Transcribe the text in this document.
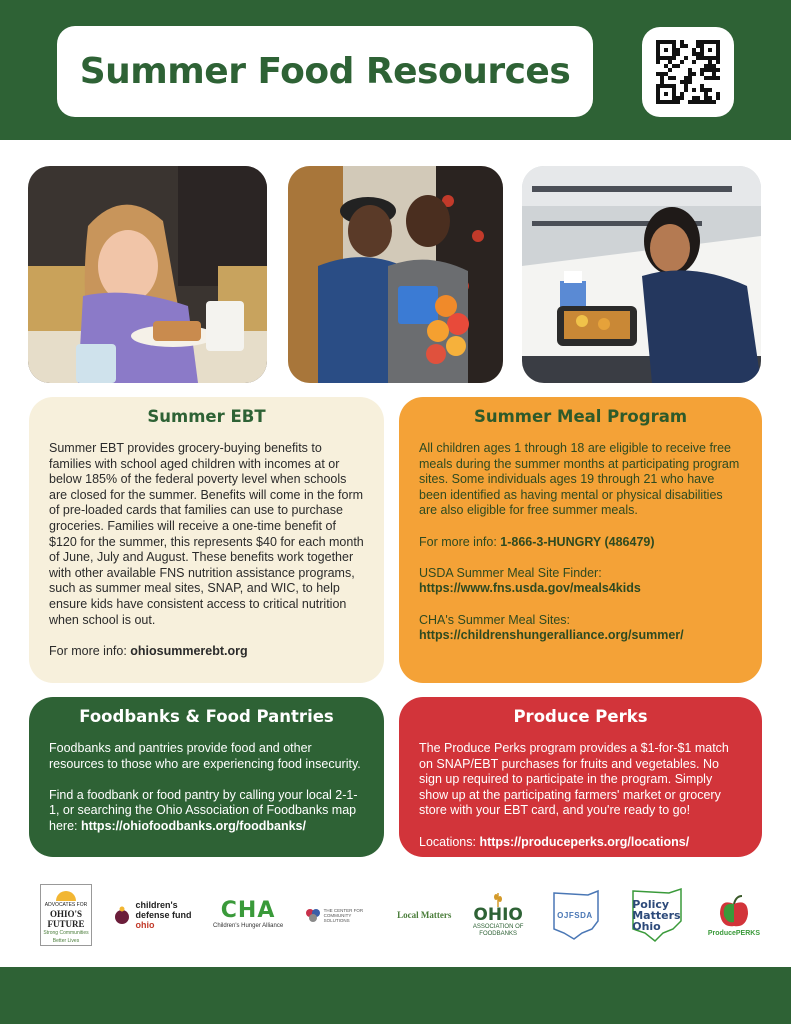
Summer Food Resources
Summer EBT

Summer EBT provides grocery-buying benefits to families with school aged children with incomes at or below 185% of the federal poverty level when schools are closed for the summer. Benefits will come in the form of pre-loaded cards that families can use to purchase groceries. Families will receive a one-time benefit of $120 for the summer, this represents $40 for each month of June, July and August. These benefits work together with other available FNS nutrition assistance programs, such as summer meal sites, SNAP, and WIC, to help ensure kids have consistent access to critical nutrition when school is out.

For more info: ohiosummerebt.org

Summer Meal Program

All children ages 1 through 18 are eligible to receive free meals during the summer months at participating program sites. Some individuals ages 19 through 21 who have been identified as having mental or physical disabilities are also eligible for free summer meals.

For more info: 1-866-3-HUNGRY (486479)

USDA Summer Meal Site Finder:
https://www.fns.usda.gov/meals4kids

CHA's Summer Meal Sites:
https://childrenshungeralliance.org/summer/

Foodbanks & Food Pantries

Foodbanks and pantries provide food and other resources to those who are experiencing food insecurity.

Find a foodbank or food pantry by calling your local 2-1-1, or searching the Ohio Association of Foodbanks map here: https://ohiofoodbanks.org/foodbanks/

Produce Perks

The Produce Perks program provides a $1-for-$1 match on SNAP/EBT purchases for fruits and vegetables. No sign up required to participate in the program. Simply show up at the participating farmers' market or grocery store with your EBT card, and you're ready to go!

Locations: https://produceperks.org/locations/

ADVOCATES FOR
OHIO'S FUTURE
Strong Communities Better Lives
children's
defense fund
ohio
CHA
Children's Hunger Alliance
THE CENTER FOR COMMUNITY SOLUTIONS	Local Matters OHIO
ASSOCIATION OF
FOODBANKS
OJFSDA
Policy
Matters
Ohio
ProducePERKS
